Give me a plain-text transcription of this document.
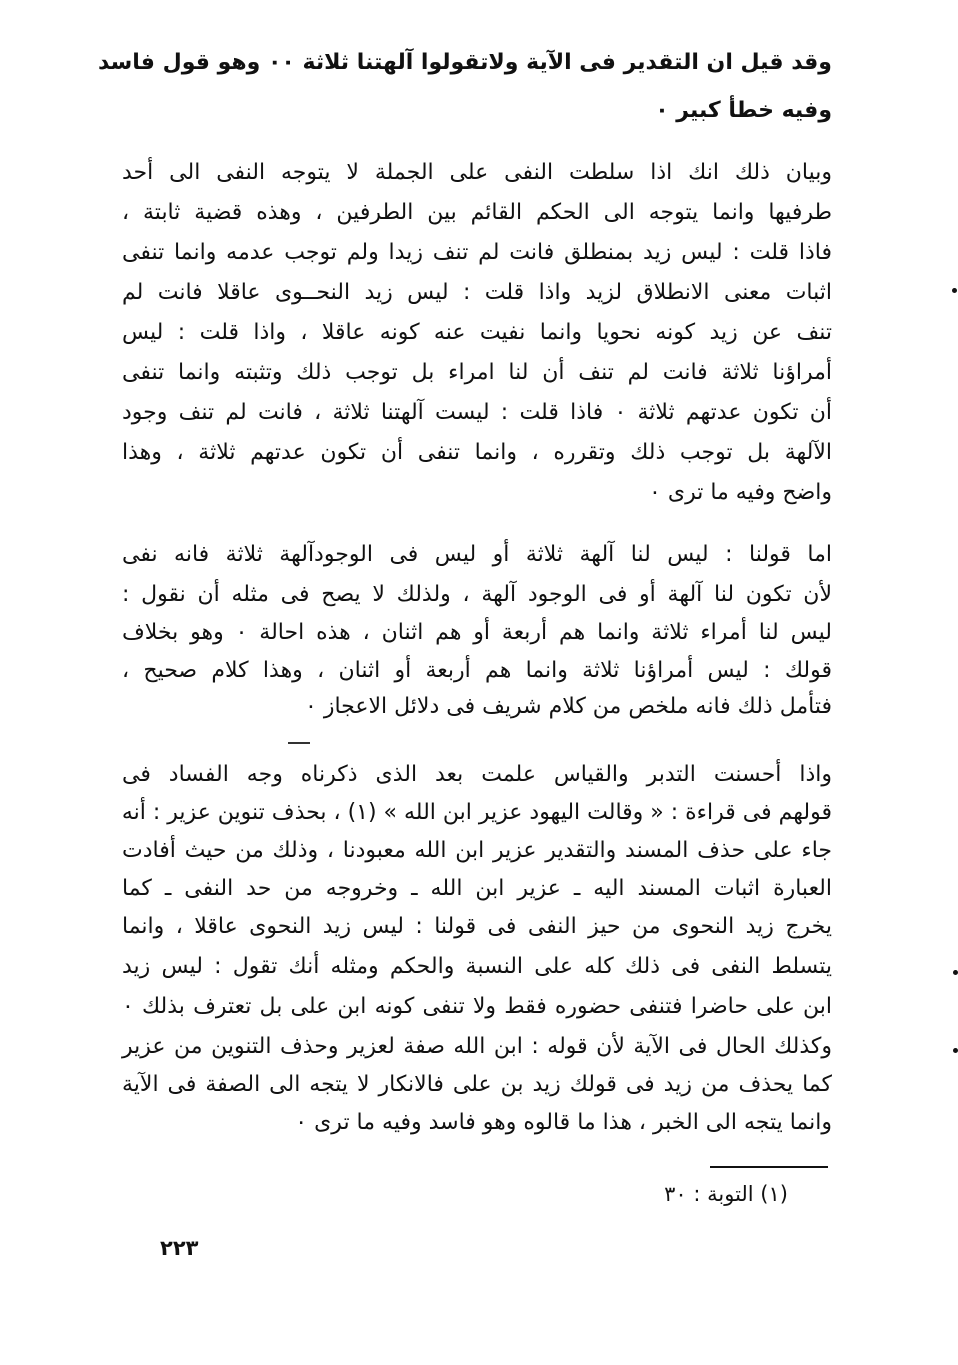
وقد قيل ان التقدير فى الآية ولاتقولوا آلهتنا ثلاثة ٠٠ وهو قول فاسد
وفيه خطأ كبير ٠
وبيان ذلك انك اذا سلطت النفى على الجملة لا يتوجه النفى الى أحد
طرفيها وانما يتوجه الى الحكم القائم بين الطرفين ، وهذه قضية ثابتة ،
فاذا قلت : ليس زيد بمنطلق فانت لم تنف زيدا ولم توجب عدمه وانما تنفى
اثبات معنى الانطلاق لزيد واذا قلت : ليس زيد النحــوى عاقلا فانت لم
تنف عن زيد كونه نحويا وانما نفيت عنه كونه عاقلا ، واذا قلت : ليس
أمراؤنا ثلاثة فانت لم تنف أن لنا امراء بل توجب ذلك وتثبته وانما تنفى
أن تكون عدتهم ثلاثة ٠ فاذا قلت : ليست آلهتنا ثلاثة ، فانت لم تنف وجود
الآلهة بل توجب ذلك وتقرره ، وانما تنفى أن تكون عدتهم ثلاثة ، وهذا
واضح وفيه ما ترى ٠
اما قولنا : ليس لنا آلهة ثلاثة أو ليس فى الوجودآلهة ثلاثة فانه نفى
لأن تكون لنا آلهة أو فى الوجود آلهة ، ولذلك لا يصح فى مثله أن نقول :
ليس لنا أمراء ثلاثة وانما هم أربعة أو هم اثنان ، هذه احالة ٠ وهو بخلاف
قولك : ليس أمراؤنا ثلاثة وانما هم أربعة أو اثنان ، وهذا كلام صحيح ،
فتأمل ذلك فانه ملخص من كلام شريف فى دلائل الاعجاز ٠
واذا أحسنت التدبر والقياس علمت بعد الذى ذكرناه وجه الفساد فى
قولهم فى قراءة : « وقالت اليهود عزير ابن الله » (١) ، بحذف تنوين عزير : أنه
جاء على حذف المسند والتقدير عزير ابن الله معبودنا ، وذلك من حيث أفادت
العبارة اثبات المسند اليه ـ عزير ابن الله ـ وخروجه من حد النفى ـ كما
يخرج زيد النحوى من حيز النفى فى قولنا : ليس زيد النحوى عاقلا ، وانما
يتسلط النفى فى ذلك كله على النسبة والحكم ومثله أنك تقول : ليس زيد
ابن على حاضرا فتنفى حضوره فقط ولا تنفى كونه ابن على بل تعترف بذلك ٠
وكذلك الحال فى الآية لأن قوله : ابن الله صفة لعزير وحذف التنوين من عزير
كما يحذف من زيد فى قولك زيد بن على فالانكار لا يتجه الى الصفة فى الآية
وانما يتجه الى الخبر ، هذا ما قالوه وهو فاسد وفيه ما ترى ٠
(١) التوبة : ٣٠
٢٢٣
